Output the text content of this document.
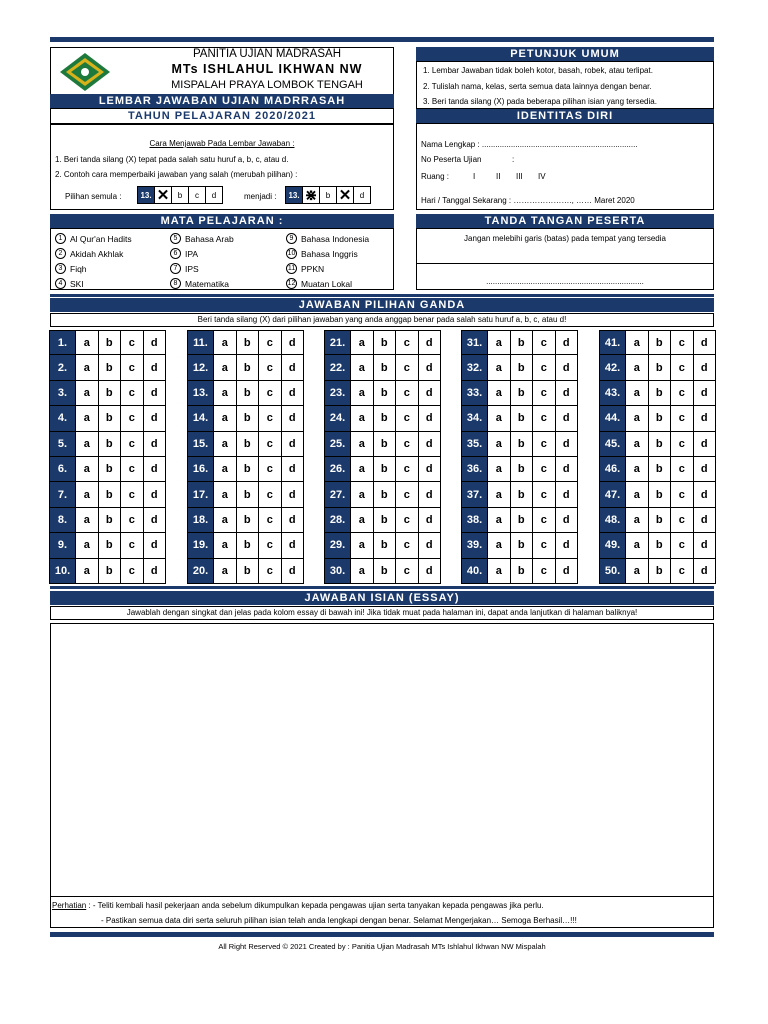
PANITIA UJIAN MADRASAH
MTs ISHLAHUL IKHWAN NW
MISPALAH PRAYA LOMBOK TENGAH
LEMBAR JAWABAN UJIAN MADRRASAH
TAHUN PELAJARAN 2020/2021
Cara Menjawab Pada Lembar Jawaban :
1. Beri tanda silang (X) tepat pada salah satu huruf a, b, c, atau d.
2. Contoh cara memperbaiki jawaban yang salah (merubah pilihan) :
Pilihan semula :	13. ✕	b	c	d	menjadi :	13. ⋇	b ✕	d
PETUNJUK UMUM
1. Lembar Jawaban tidak boleh kotor, basah, robek, atau terlipat.
2. Tulislah nama, kelas, serta semua data lainnya dengan benar.
3. Beri tanda silang (X) pada beberapa pilihan isian yang tersedia.
IDENTITAS DIRI
Nama Lengkap : ......................................................................
No Peserta Ujian	:
Ruang :	I	II III IV
Hari / Tanggal Sekarang : …………………., …… Maret 2020
MATA PELAJARAN :
1 Al Qur'an Hadits
2 Akidah Akhlak
3 Fiqh
4 SKI
5 Bahasa Arab
6 IPA
7 IPS
8 Matematika
9 Bahasa Indonesia
10 Bahasa Inggris
11 PPKN
12 Muatan Lokal
TANDA TANGAN PESERTA
Jangan melebihi garis (batas) pada tempat yang tersedia
.......................................................................
JAWABAN PILIHAN GANDA
Beri tanda silang (X) dari pilihan jawaban yang anda anggap benar pada salah satu huruf a, b, c, atau d!
1.	a	b	c	d
2.	a	b	c	d
3.	a	b	c	d
4.	a	b	c	d
5.	a	b	c	d
6.	a	b	c	d
7.	a	b	c	d
8.	a	b	c	d
9.	a	b	c	d
10.	a	b	c	d
11.	a	b	c	d
12.	a	b	c	d
13.	a	b	c	d
14.	a	b	c	d
15.	a	b	c	d
16.	a	b	c	d
17.	a	b	c	d
18.	a	b	c	d
19.	a	b	c	d
20.	a	b	c	d
21.	a	b	c	d
22.	a	b	c	d
23.	a	b	c	d
24.	a	b	c	d
25.	a	b	c	d
26.	a	b	c	d
27.	a	b	c	d
28.	a	b	c	d
29.	a	b	c	d
30.	a	b	c	d
31.	a	b	c	d
32.	a	b	c	d
33.	a	b	c	d
34.	a	b	c	d
35.	a	b	c	d
36.	a	b	c	d
37.	a	b	c	d
38.	a	b	c	d
39.	a	b	c	d
40.	a	b	c	d
41.	a	b	c	d
42.	a	b	c	d
43.	a	b	c	d
44.	a	b	c	d
45.	a	b	c	d
46.	a	b	c	d
47.	a	b	c	d
48.	a	b	c	d
49.	a	b	c	d
50.	a	b	c	d
JAWABAN ISIAN (ESSAY)
Jawablah dengan singkat dan jelas pada kolom essay di bawah ini! Jika tidak muat pada halaman ini, dapat anda lanjutkan di halaman baliknya!
Perhatian : - Teliti kembali hasil pekerjaan anda sebelum dikumpulkan kepada pengawas ujian serta tanyakan kepada pengawas jika perlu.
- Pastikan semua data diri serta seluruh pilihan isian telah anda lengkapi dengan benar. Selamat Mengerjakan… Semoga Berhasil…!!!
All Right Reserved © 2021 Created by : Panitia Ujian Madrasah MTs Ishlahul Ikhwan NW Mispalah
